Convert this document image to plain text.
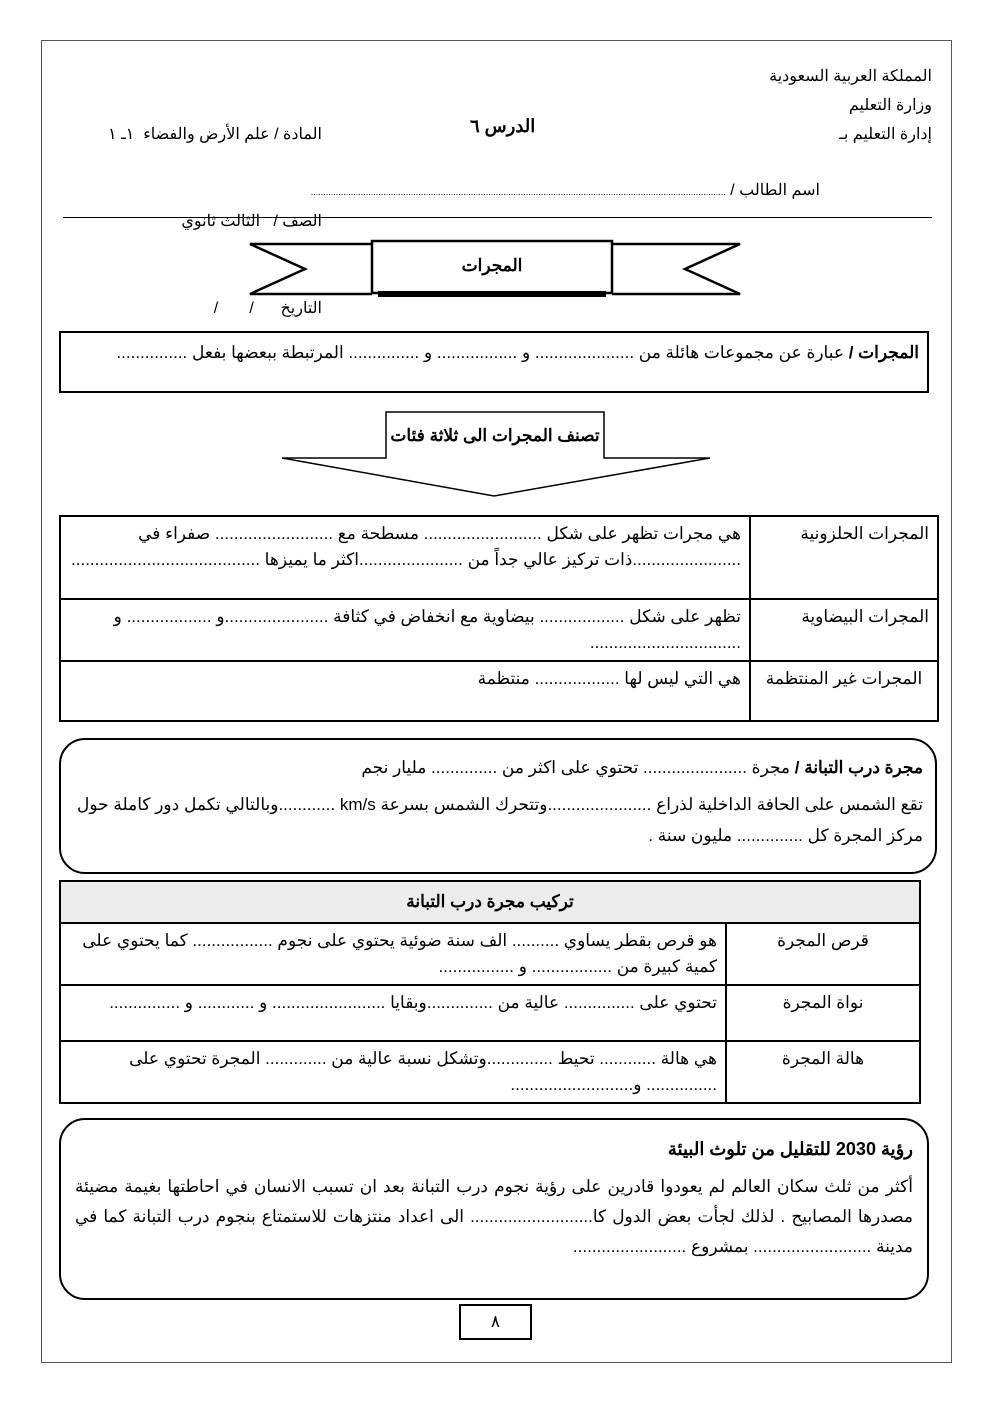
المملكة العربية السعودية
وزارة التعليم
إدارة التعليم بـ

المادة / علم الأرض والفضاء  ١ـ ١

الصف /   الثالث ثانوي

التاريخ      /       /

الدرس ٦
اسم الطالب / ......................................................................................................................................................................
المجرات
المجرات / عبارة عن مجموعات هائلة من ..................... و ................. و ............... المرتبطة ببعضها بفعل ...............
تصنف المجرات الى ثلاثة فئات
المجرات الحلزونية	هي مجرات تظهر على شكل ......................... مسطحة مع ......................... صفراء في .......................ذات تركيز عالي جداً من ......................اكثر ما يميزها ........................................
المجرات البيضاوية	تظهر على شكل .................. بيضاوية مع انخفاض في كثافة ......................و .................. و ................................
المجرات غير المنتظمة	هي التي ليس لها .................. منتظمة
مجرة درب التبانة / مجرة ...................... تحتوي على اكثر من .............. مليار نجم
تقع الشمس على الحافة الداخلية لذراع ......................وتتحرك الشمس بسرعة km/s ............وبالتالي تكمل دور كاملة حول مركز المجرة كل .............. مليون سنة .
تركيب مجرة درب التبانة	
قرص المجرة	هو قرص بقطر يساوي .......... الف سنة ضوئية يحتوي على نجوم ................. كما يحتوي على كمية كبيرة من ................. و ................
نواة المجرة	تحتوي على ............... عالية من ..............وبقايا ........................ و ............ و ...............
هالة المجرة	هي هالة ............ تحيط ..............وتشكل نسبة عالية من ............. المجرة تحتوي على ............... و..........................
رؤية 2030 للتقليل من تلوث البيئة
أكثر من ثلث سكان العالم لم يعودوا قادرين على رؤية نجوم درب التبانة بعد ان تسبب الانسان في احاطتها بغيمة مضيئة مصدرها المصابيح . لذلك لجأت بعض الدول كا.......................... الى اعداد منتزهات للاستمتاع بنجوم درب التبانة كما في مدينة ......................... بمشروع ........................
٨
